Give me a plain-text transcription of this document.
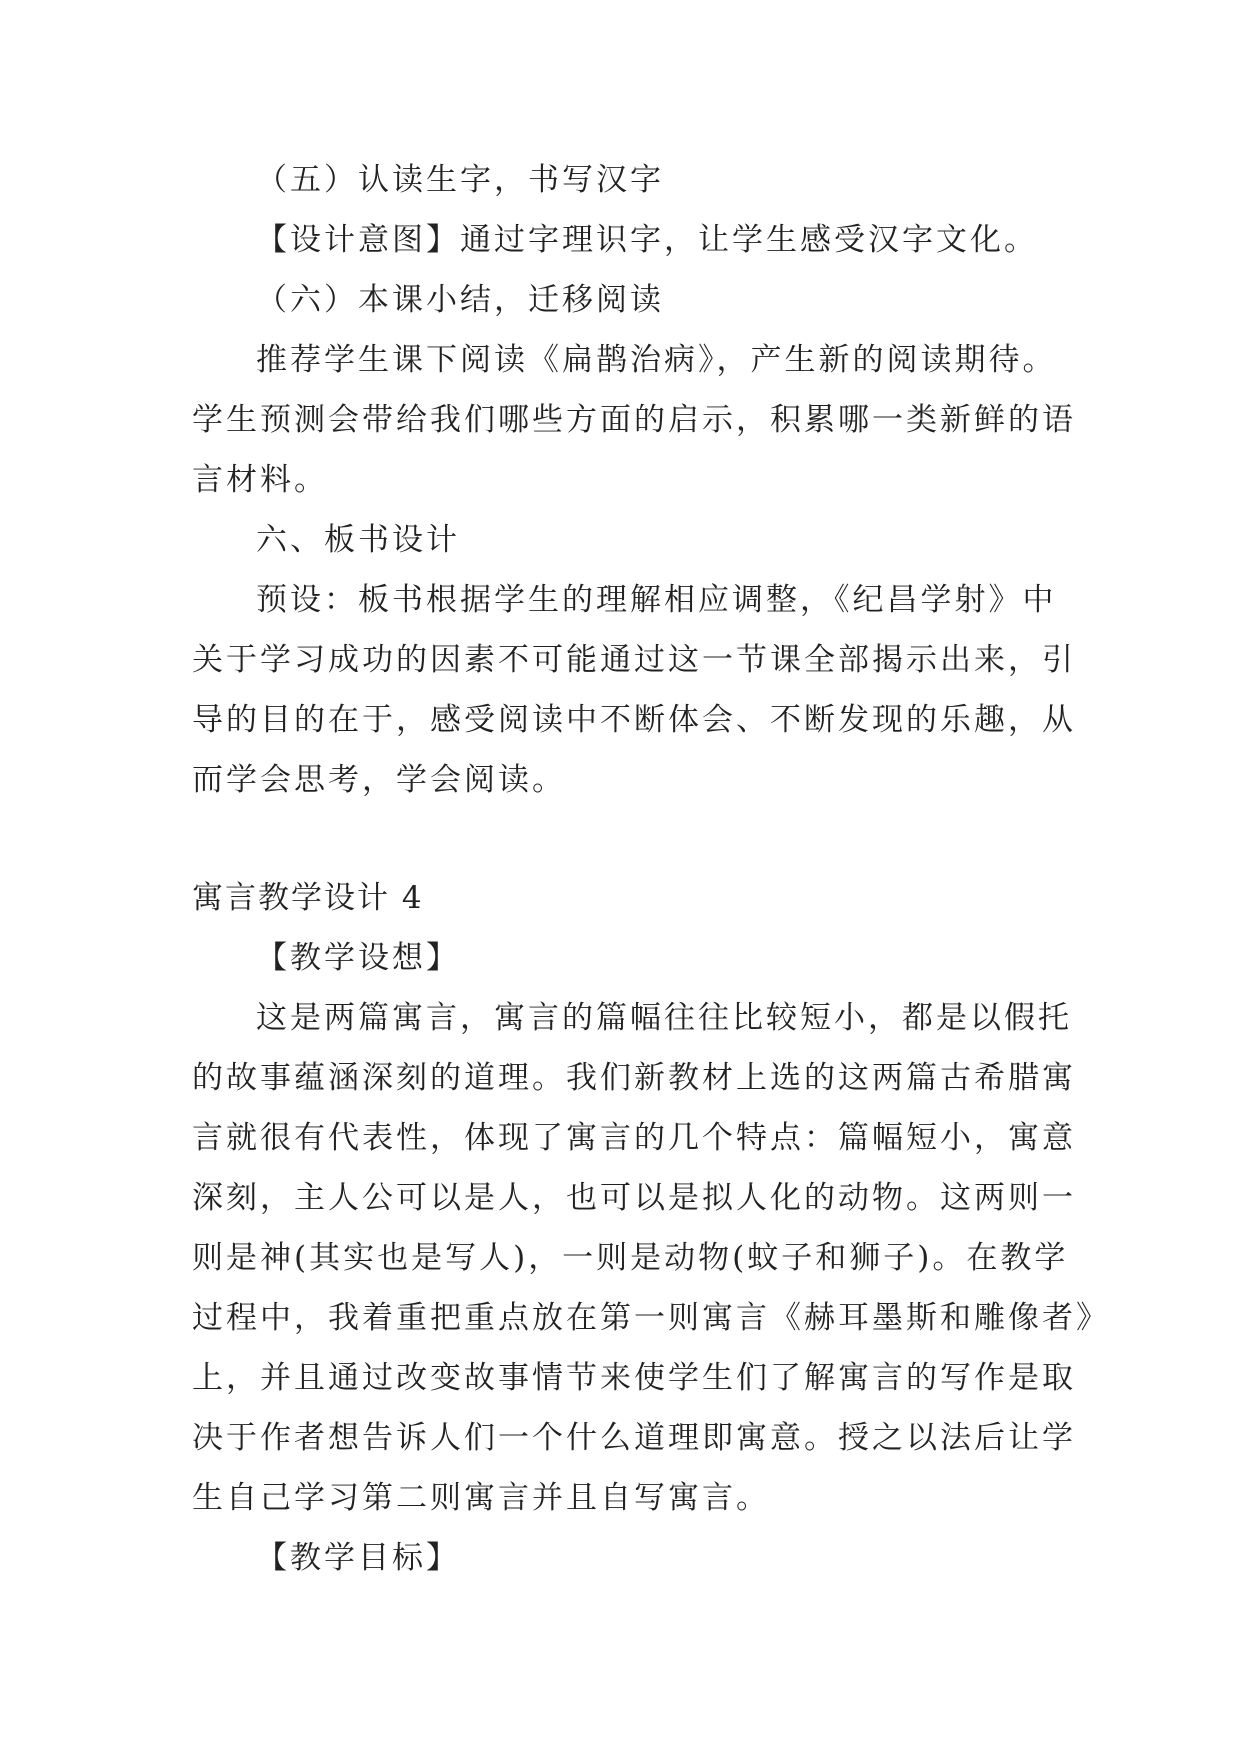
（五）认读生字，书写汉字
【设计意图】通过字理识字，让学生感受汉字文化。
（六）本课小结，迁移阅读
推荐学生课下阅读《扁鹊治病》，产生新的阅读期待。
学生预测会带给我们哪些方面的启示，积累哪一类新鲜的语
言材料。
六、板书设计
预设：板书根据学生的理解相应调整，《纪昌学射》中
关于学习成功的因素不可能通过这一节课全部揭示出来，引
导的目的在于，感受阅读中不断体会、不断发现的乐趣，从
而学会思考，学会阅读。
寓言教学设计 4
【教学设想】
这是两篇寓言，寓言的篇幅往往比较短小，都是以假托
的故事蕴涵深刻的道理。我们新教材上选的这两篇古希腊寓
言就很有代表性，体现了寓言的几个特点：篇幅短小，寓意
深刻，主人公可以是人，也可以是拟人化的动物。这两则一
则是神(其实也是写人)，一则是动物(蚊子和狮子)。在教学
过程中，我着重把重点放在第一则寓言《赫耳墨斯和雕像者》
上，并且通过改变故事情节来使学生们了解寓言的写作是取
决于作者想告诉人们一个什么道理即寓意。授之以法后让学
生自己学习第二则寓言并且自写寓言。
【教学目标】
